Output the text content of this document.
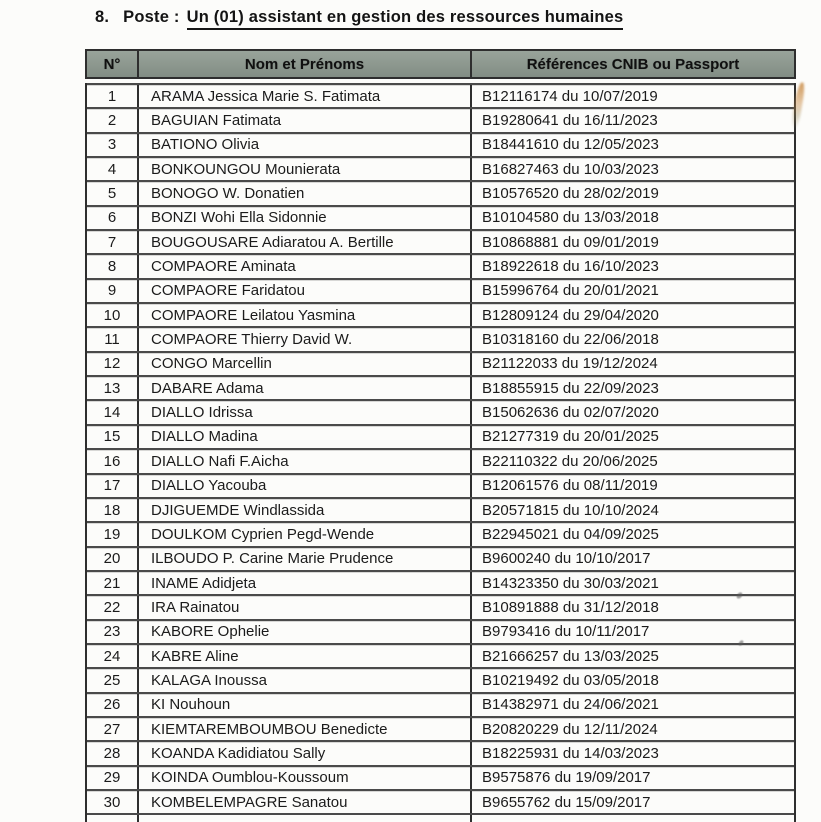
8. Poste : Un (01) assistant en gestion des ressources humaines
N°	Nom et Prénoms	Références CNIB ou Passport
1	ARAMA Jessica Marie S. Fatimata	B12116174 du 10/07/2019
2	BAGUIAN Fatimata	B19280641 du 16/11/2023
3	BATIONO Olivia	B18441610 du 12/05/2023
4	BONKOUNGOU Mounierata	B16827463 du 10/03/2023
5	BONOGO W. Donatien	B10576520 du 28/02/2019
6	BONZI Wohi Ella Sidonnie	B10104580 du 13/03/2018
7	BOUGOUSARE Adiaratou A. Bertille	B10868881 du 09/01/2019
8	COMPAORE Aminata	B18922618 du 16/10/2023
9	COMPAORE Faridatou	B15996764 du 20/01/2021
10	COMPAORE Leilatou Yasmina	B12809124 du 29/04/2020
11	COMPAORE Thierry David W.	B10318160 du 22/06/2018
12	CONGO Marcellin	B21122033 du 19/12/2024
13	DABARE Adama	B18855915 du 22/09/2023
14	DIALLO Idrissa	B15062636 du 02/07/2020
15	DIALLO Madina	B21277319 du 20/01/2025
16	DIALLO Nafi F.Aicha	B22110322 du 20/06/2025
17	DIALLO Yacouba	B12061576 du 08/11/2019
18	DJIGUEMDE Windlassida	B20571815 du 10/10/2024
19	DOULKOM Cyprien Pegd-Wende	B22945021 du 04/09/2025
20	ILBOUDO P. Carine Marie Prudence	B9600240 du 10/10/2017
21	INAME Adidjeta	B14323350 du 30/03/2021
22	IRA Rainatou	B10891888 du 31/12/2018
23	KABORE Ophelie	B9793416 du 10/11/2017
24	KABRE Aline	B21666257 du 13/03/2025
25	KALAGA Inoussa	B10219492 du 03/05/2018
26	KI Nouhoun	B14382971 du 24/06/2021
27	KIEMTAREMBOUMBOU Benedicte	B20820229 du 12/11/2024
28	KOANDA Kadidiatou Sally	B18225931 du 14/03/2023
29	KOINDA Oumblou-Koussoum	B9575876 du 19/09/2017
30	KOMBELEMPAGRE Sanatou	B9655762 du 15/09/2017
